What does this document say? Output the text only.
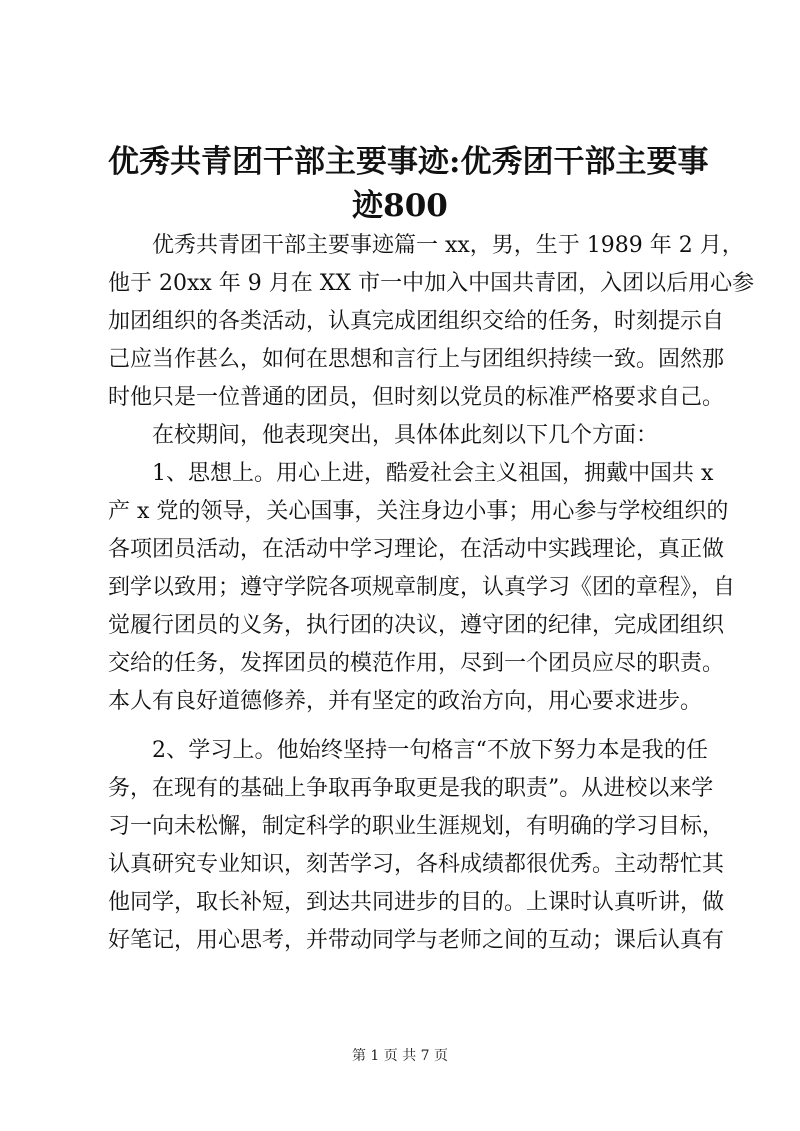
优秀共青团干部主要事迹:优秀团干部主要事
迹800

优秀共青团干部主要事迹篇一 xx，男，生于 1989 年 2 月，

他于 20xx 年 9 月在 XX 市一中加入中国共青团，入团以后用心参

加团组织的各类活动，认真完成团组织交给的任务，时刻提示自

己应当作甚么，如何在思想和言行上与团组织持续一致。固然那

时他只是一位普通的团员，但时刻以党员的标准严格要求自己。

在校期间，他表现突出，具体体此刻以下几个方面：

1、思想上。用心上进，酷爱社会主义祖国，拥戴中国共 x

产 x 党的领导，关心国事，关注身边小事；用心参与学校组织的

各项团员活动，在活动中学习理论，在活动中实践理论，真正做

到学以致用；遵守学院各项规章制度，认真学习《团的章程》，自

觉履行团员的义务，执行团的决议，遵守团的纪律，完成团组织

交给的任务，发挥团员的模范作用，尽到一个团员应尽的职责。

本人有良好道德修养，并有坚定的政治方向，用心要求进步。

2、学习上。他始终坚持一句格言“不放下努力本是我的任

务，在现有的基础上争取再争取更是我的职责”。从进校以来学

习一向未松懈，制定科学的职业生涯规划，有明确的学习目标，

认真研究专业知识，刻苦学习，各科成绩都很优秀。主动帮忙其

他同学，取长补短，到达共同进步的目的。上课时认真听讲，做

好笔记，用心思考，并带动同学与老师之间的互动；课后认真有

第 1 页 共 7 页
